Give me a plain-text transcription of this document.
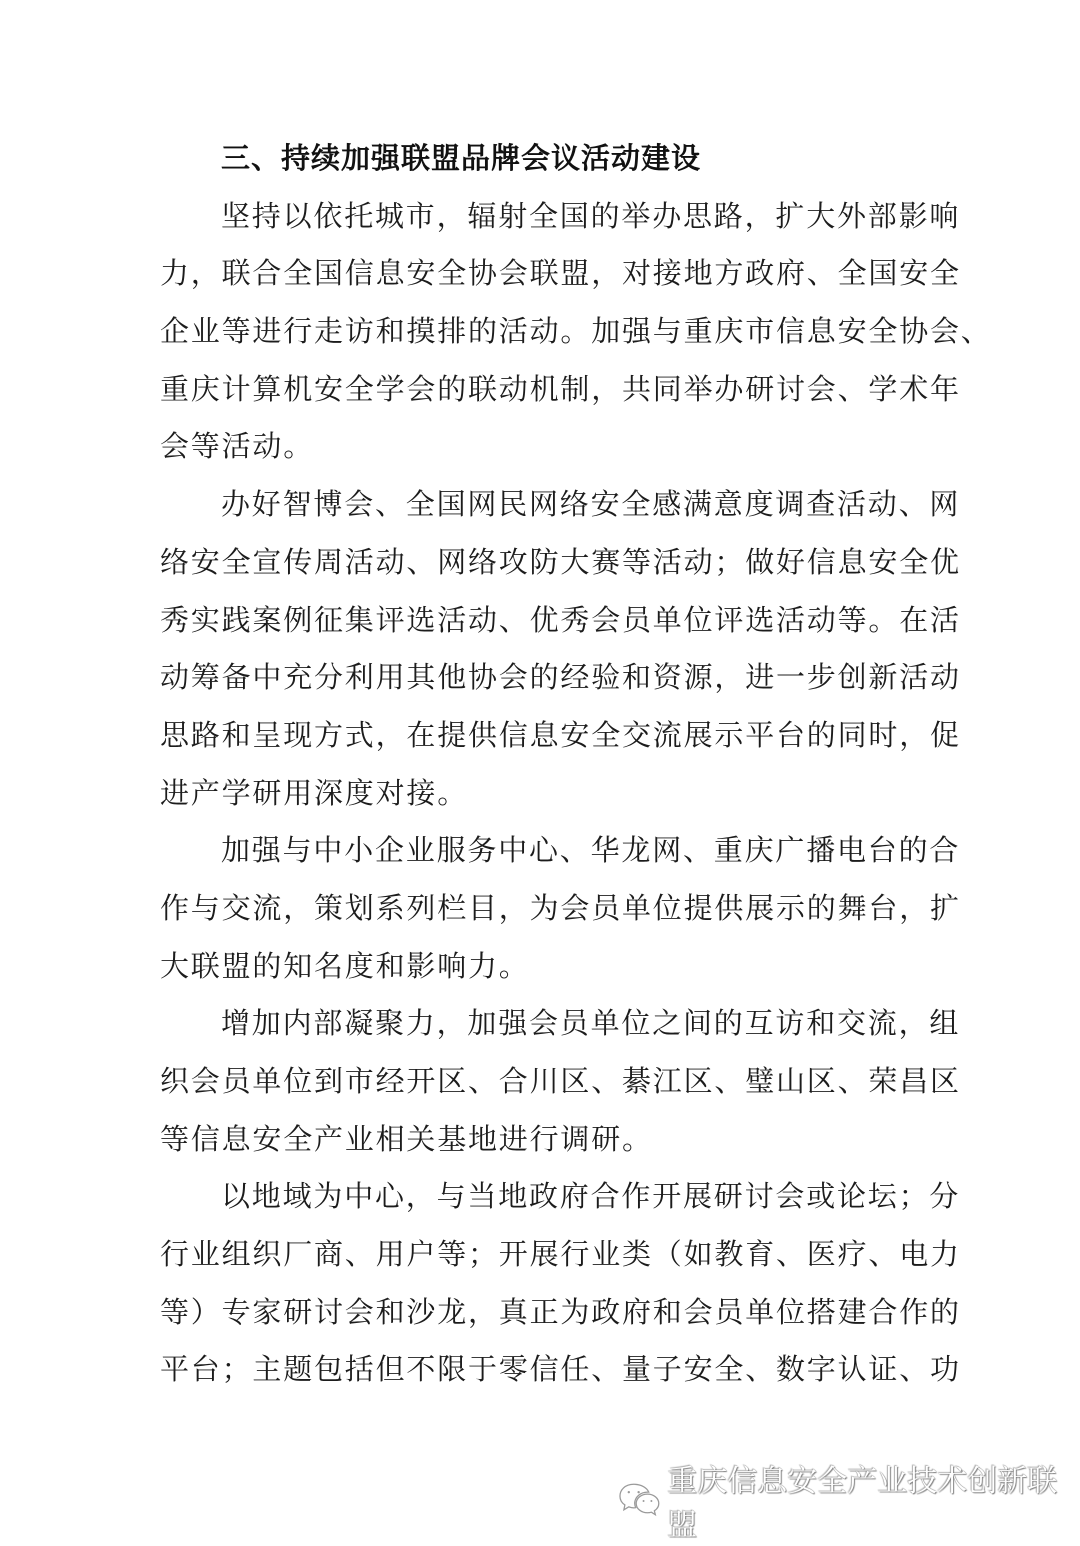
三、持续加强联盟品牌会议活动建设
坚持以依托城市，辐射全国的举办思路，扩大外部影响
力，联合全国信息安全协会联盟，对接地方政府、全国安全
企业等进行走访和摸排的活动。加强与重庆市信息安全协会、
重庆计算机安全学会的联动机制，共同举办研讨会、学术年
会等活动。
办好智博会、全国网民网络安全感满意度调查活动、网
络安全宣传周活动、网络攻防大赛等活动；做好信息安全优
秀实践案例征集评选活动、优秀会员单位评选活动等。在活
动筹备中充分利用其他协会的经验和资源，进一步创新活动
思路和呈现方式，在提供信息安全交流展示平台的同时，促
进产学研用深度对接。
加强与中小企业服务中心、华龙网、重庆广播电台的合
作与交流，策划系列栏目，为会员单位提供展示的舞台，扩
大联盟的知名度和影响力。
增加内部凝聚力，加强会员单位之间的互访和交流，组
织会员单位到市经开区、合川区、綦江区、璧山区、荣昌区
等信息安全产业相关基地进行调研。
以地域为中心，与当地政府合作开展研讨会或论坛；分
行业组织厂商、用户等；开展行业类（如教育、医疗、电力
等）专家研讨会和沙龙，真正为政府和会员单位搭建合作的
平台；主题包括但不限于零信任、量子安全、数字认证、功
重庆信息安全产业技术创新联盟
